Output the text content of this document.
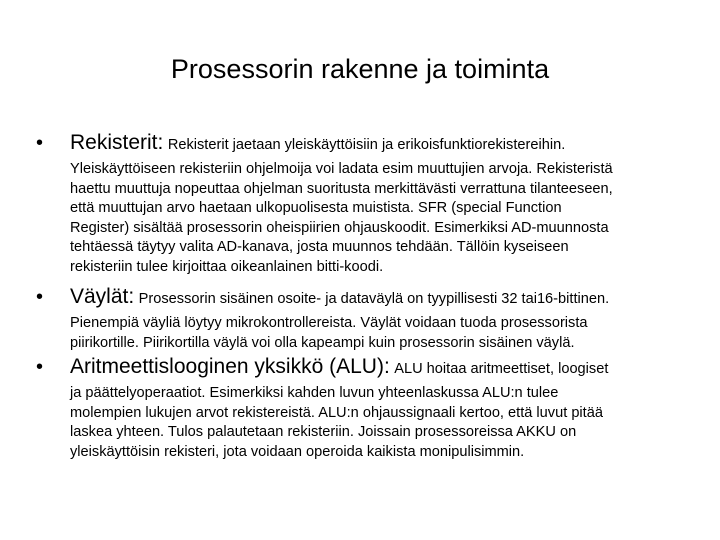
Prosessorin rakenne ja toiminta
• Rekisterit: Rekisterit jaetaan yleiskäyttöisiin ja erikoisfunktiorekistereihin.
Yleiskäyttöiseen rekisteriin ohjelmoija voi ladata esim muuttujien arvoja. Rekisteristä
haettu muuttuja nopeuttaa ohjelman suoritusta merkittävästi verrattuna tilanteeseen,
että muuttujan arvo haetaan ulkopuolisesta muistista. SFR (special Function
Register) sisältää prosessorin oheispiirien ohjauskoodit. Esimerkiksi AD-muunnosta
tehtäessä täytyy valita AD-kanava, josta muunnos tehdään. Tällöin kyseiseen
rekisteriin tulee kirjoittaa oikeanlainen bitti-koodi.
• Väylät: Prosessorin sisäinen osoite- ja dataväylä on tyypillisesti 32 tai16-bittinen.
Pienempiä väyliä löytyy mikrokontrollereista. Väylät voidaan tuoda prosessorista
piirikortille. Piirikortilla väylä voi olla kapeampi kuin prosessorin sisäinen väylä.
• Aritmeettislooginen yksikkö (ALU): ALU hoitaa aritmeettiset, loogiset
ja päättelyoperaatiot. Esimerkiksi kahden luvun yhteenlaskussa ALU:n tulee
molempien lukujen arvot rekistereistä. ALU:n ohjaussignaali kertoo, että luvut pitää
laskea yhteen. Tulos palautetaan rekisteriin. Joissain prosessoreissa AKKU on
yleiskäyttöisin rekisteri, jota voidaan operoida kaikista monipulisimmin.
